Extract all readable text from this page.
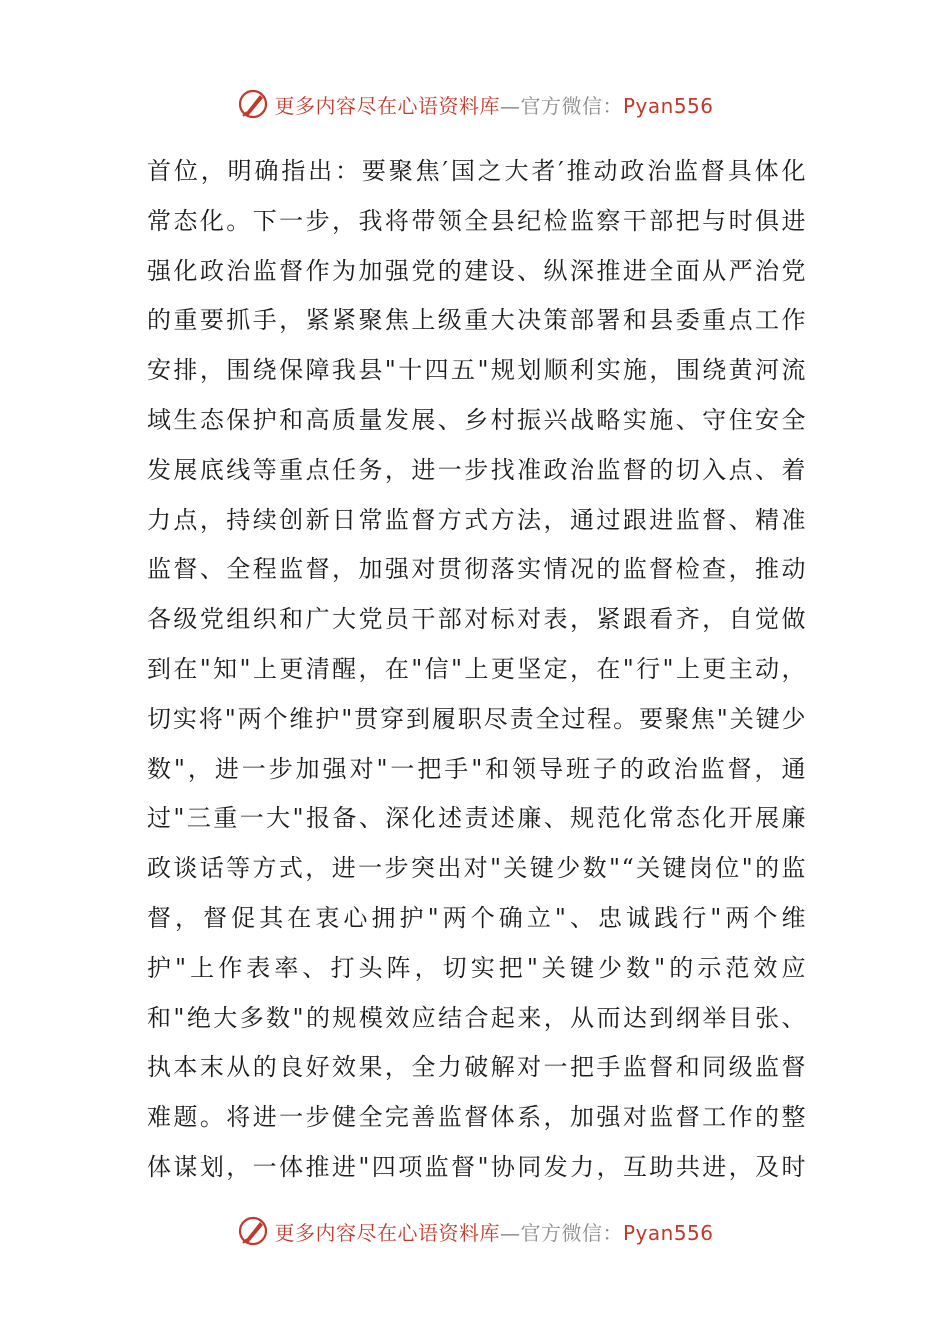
更多内容尽在心语资料库—官方微信：Pyan556
首位，明确指出：要聚焦′国之大者′推动政治监督具体化
常态化。下一步，我将带领全县纪检监察干部把与时俱进
强化政治监督作为加强党的建设、纵深推进全面从严治党
的重要抓手，紧紧聚焦上级重大决策部署和县委重点工作
安排，围绕保障我县"十四五"规划顺利实施，围绕黄河流
域生态保护和高质量发展、乡村振兴战略实施、守住安全
发展底线等重点任务，进一步找准政治监督的切入点、着
力点，持续创新日常监督方式方法，通过跟进监督、精准
监督、全程监督，加强对贯彻落实情况的监督检查，推动
各级党组织和广大党员干部对标对表，紧跟看齐，自觉做
到在"知"上更清醒，在"信"上更坚定，在"行"上更主动，
切实将"两个维护"贯穿到履职尽责全过程。要聚焦"关键少
数"，进一步加强对"一把手"和领导班子的政治监督，通
过"三重一大"报备、深化述责述廉、规范化常态化开展廉
政谈话等方式，进一步突出对"关键少数"“关键岗位"的监
督，督促其在衷心拥护"两个确立"、忠诚践行"两个维
护"上作表率、打头阵，切实把"关键少数"的示范效应
和"绝大多数"的规模效应结合起来，从而达到纲举目张、
执本末从的良好效果，全力破解对一把手监督和同级监督
难题。将进一步健全完善监督体系，加强对监督工作的整
体谋划，一体推进"四项监督"协同发力，互助共进，及时
更多内容尽在心语资料库—官方微信：Pyan556
